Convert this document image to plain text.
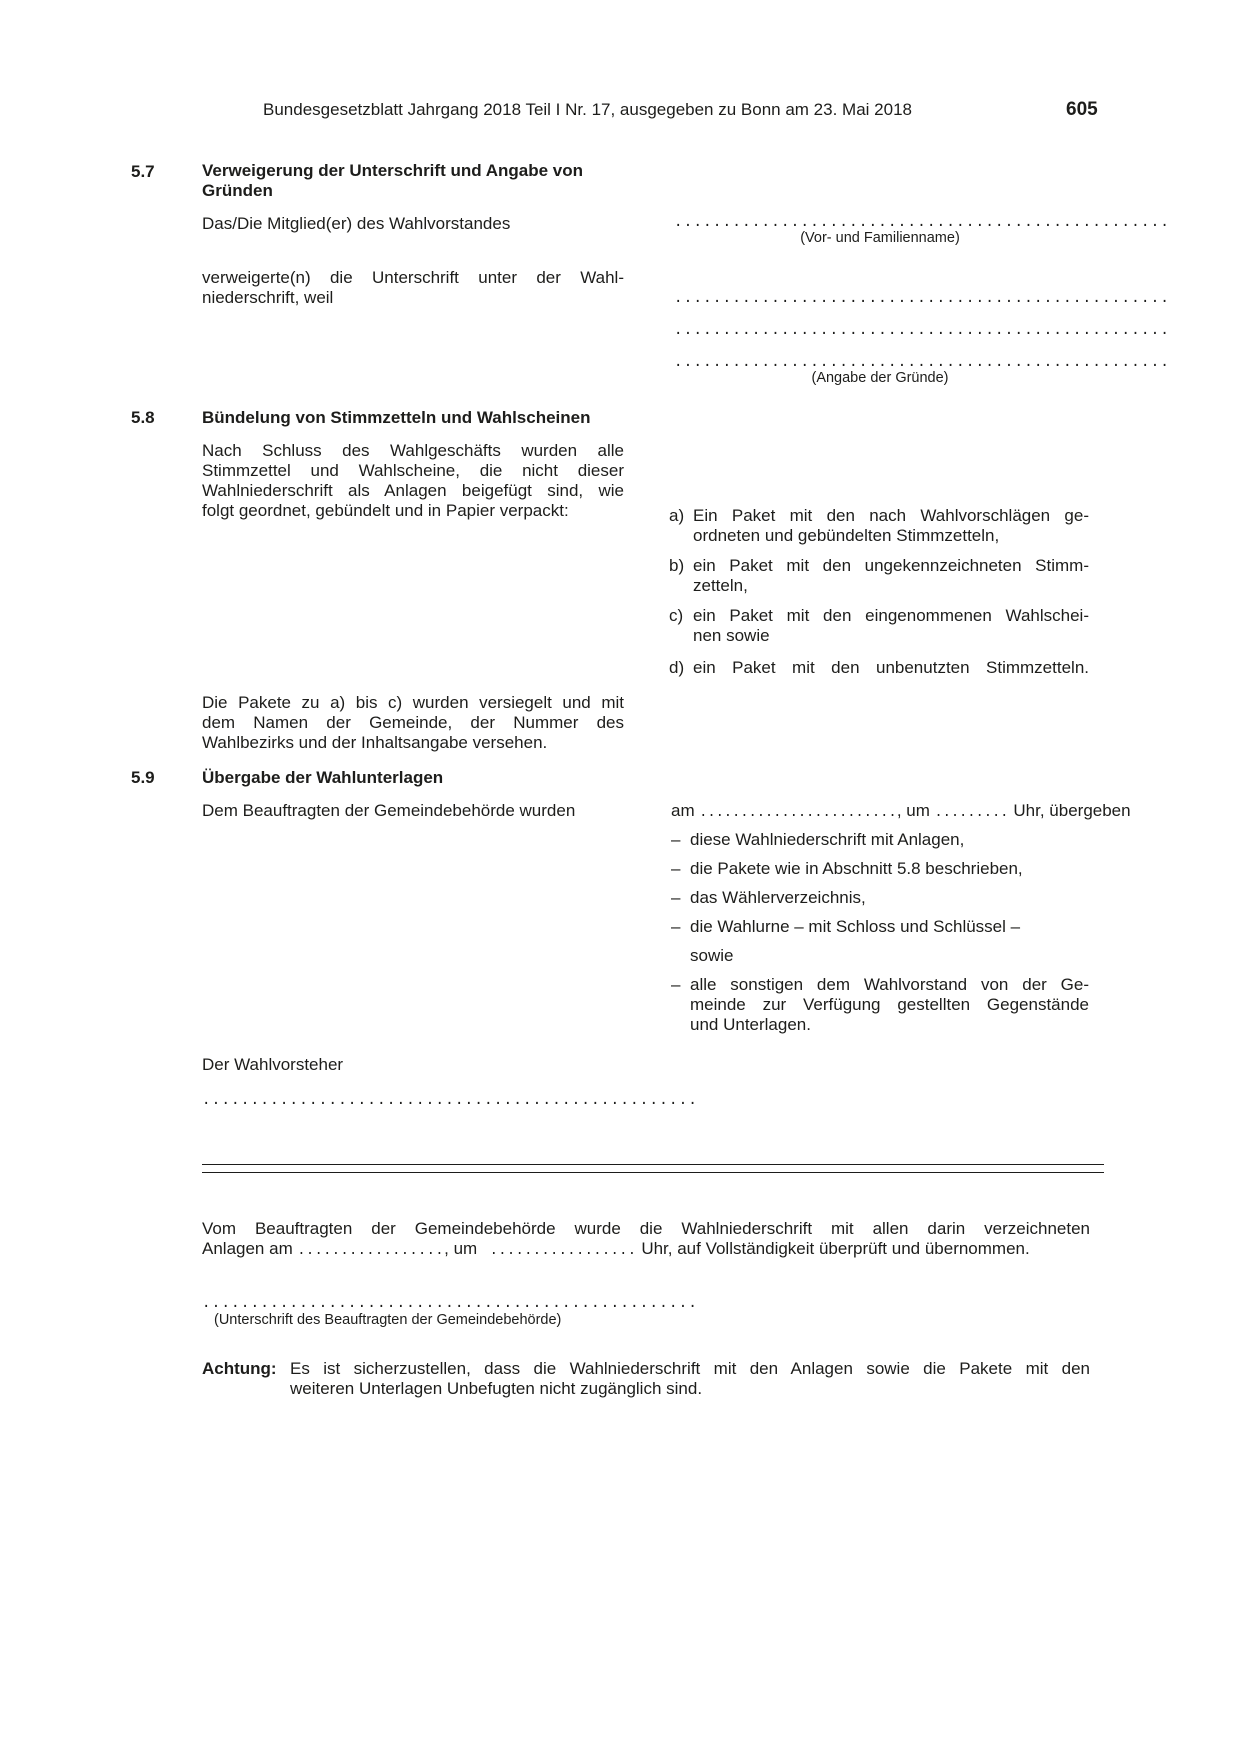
Bundesgesetzblatt Jahrgang 2018 Teil I Nr. 17, ausgegeben zu Bonn am 23. Mai 2018	605
5.7	Verweigerung der Unterschrift und Angabe von
Gründen
Das/Die Mitglied(er) des Wahlvorstandes	...................................................
(Vor- und Familienname)
verweigerte(n) die Unterschrift unter der Wahl-
niederschrift, weil	...................................................
...................................................
...................................................
(Angabe der Gründe)
5.8	Bündelung von Stimmzetteln und Wahlscheinen
Nach Schluss des Wahlgeschäfts wurden alle
Stimmzettel und Wahlscheine, die nicht dieser
Wahlniederschrift als Anlagen beigefügt sind, wie
folgt geordnet, gebündelt und in Papier verpackt:	a) Ein Paket mit den nach Wahlvorschlägen ge-
ordneten und gebündelten Stimmzetteln,
b) ein Paket mit den ungekennzeichneten Stimm-
zetteln,
c) ein Paket mit den eingenommenen Wahlschei-
nen sowie
d) ein Paket mit den unbenutzten Stimmzetteln.
Die Pakete zu a) bis c) wurden versiegelt und mit
dem Namen der Gemeinde, der Nummer des
Wahlbezirks und der Inhaltsangabe versehen.
5.9	Übergabe der Wahlunterlagen
Dem Beauftragten der Gemeindebehörde wurden	am ........................, um ......... Uhr, übergeben
– diese Wahlniederschrift mit Anlagen,
– die Pakete wie in Abschnitt 5.8 beschrieben,
– das Wählerverzeichnis,
– die Wahlurne – mit Schloss und Schlüssel –
sowie
– alle sonstigen dem Wahlvorstand von der Ge-
meinde zur Verfügung gestellten Gegenstände
und Unterlagen.
Der Wahlvorsteher
...................................................
Vom Beauftragten der Gemeindebehörde wurde die Wahlniederschrift mit allen darin verzeichneten
Anlagen am ................., um ................. Uhr, auf Vollständigkeit überprüft und übernommen.
...................................................
(Unterschrift des Beauftragten der Gemeindebehörde)
Achtung: Es ist sicherzustellen, dass die Wahlniederschrift mit den Anlagen sowie die Pakete mit den
weiteren Unterlagen Unbefugten nicht zugänglich sind.
